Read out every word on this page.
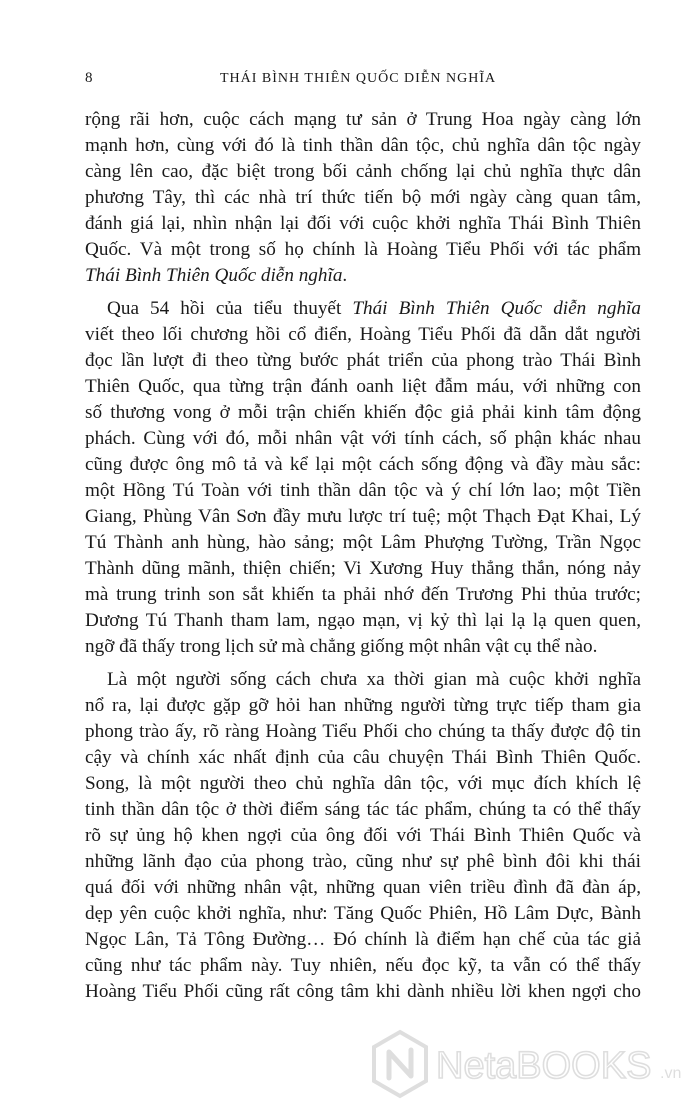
8	THÁI BÌNH THIÊN QUỐC DIỄN NGHĨA

rộng rãi hơn, cuộc cách mạng tư sản ở Trung Hoa ngày càng lớn
mạnh hơn, cùng với đó là tinh thần dân tộc, chủ nghĩa dân tộc ngày
càng lên cao, đặc biệt trong bối cảnh chống lại chủ nghĩa thực dân
phương Tây, thì các nhà trí thức tiến bộ mới ngày càng quan tâm,
đánh giá lại, nhìn nhận lại đối với cuộc khởi nghĩa Thái Bình Thiên
Quốc. Và một trong số họ chính là Hoàng Tiểu Phối với tác phẩm
Thái Bình Thiên Quốc diễn nghĩa.

Qua 54 hồi của tiểu thuyết Thái Bình Thiên Quốc diễn nghĩa
viết theo lối chương hồi cổ điển, Hoàng Tiểu Phối đã dẫn dắt người
đọc lần lượt đi theo từng bước phát triển của phong trào Thái Bình
Thiên Quốc, qua từng trận đánh oanh liệt đẫm máu, với những con
số thương vong ở mỗi trận chiến khiến độc giả phải kinh tâm động
phách. Cùng với đó, mỗi nhân vật với tính cách, số phận khác nhau
cũng được ông mô tả và kể lại một cách sống động và đầy màu sắc:
một Hồng Tú Toàn với tinh thần dân tộc và ý chí lớn lao; một Tiền
Giang, Phùng Vân Sơn đầy mưu lược trí tuệ; một Thạch Đạt Khai, Lý
Tú Thành anh hùng, hào sảng; một Lâm Phượng Tường, Trần Ngọc
Thành dũng mãnh, thiện chiến; Vi Xương Huy thẳng thắn, nóng nảy
mà trung trinh son sắt khiến ta phải nhớ đến Trương Phi thủa trước;
Dương Tú Thanh tham lam, ngạo mạn, vị kỷ thì lại lạ lạ quen quen,
ngỡ đã thấy trong lịch sử mà chẳng giống một nhân vật cụ thể nào.

Là một người sống cách chưa xa thời gian mà cuộc khởi nghĩa
nổ ra, lại được gặp gỡ hỏi han những người từng trực tiếp tham gia
phong trào ấy, rõ ràng Hoàng Tiểu Phối cho chúng ta thấy được độ tin
cậy và chính xác nhất định của câu chuyện Thái Bình Thiên Quốc.
Song, là một người theo chủ nghĩa dân tộc, với mục đích khích lệ
tinh thần dân tộc ở thời điểm sáng tác tác phẩm, chúng ta có thể thấy
rõ sự ủng hộ khen ngợi của ông đối với Thái Bình Thiên Quốc và
những lãnh đạo của phong trào, cũng như sự phê bình đôi khi thái
quá đối với những nhân vật, những quan viên triều đình đã đàn áp,
dẹp yên cuộc khởi nghĩa, như: Tăng Quốc Phiên, Hồ Lâm Dực, Bành
Ngọc Lân, Tả Tông Đường… Đó chính là điểm hạn chế của tác giả
cũng như tác phẩm này. Tuy nhiên, nếu đọc kỹ, ta vẫn có thể thấy
Hoàng Tiểu Phối cũng rất công tâm khi dành nhiều lời khen ngợi cho

NetaBOOKS .vn
